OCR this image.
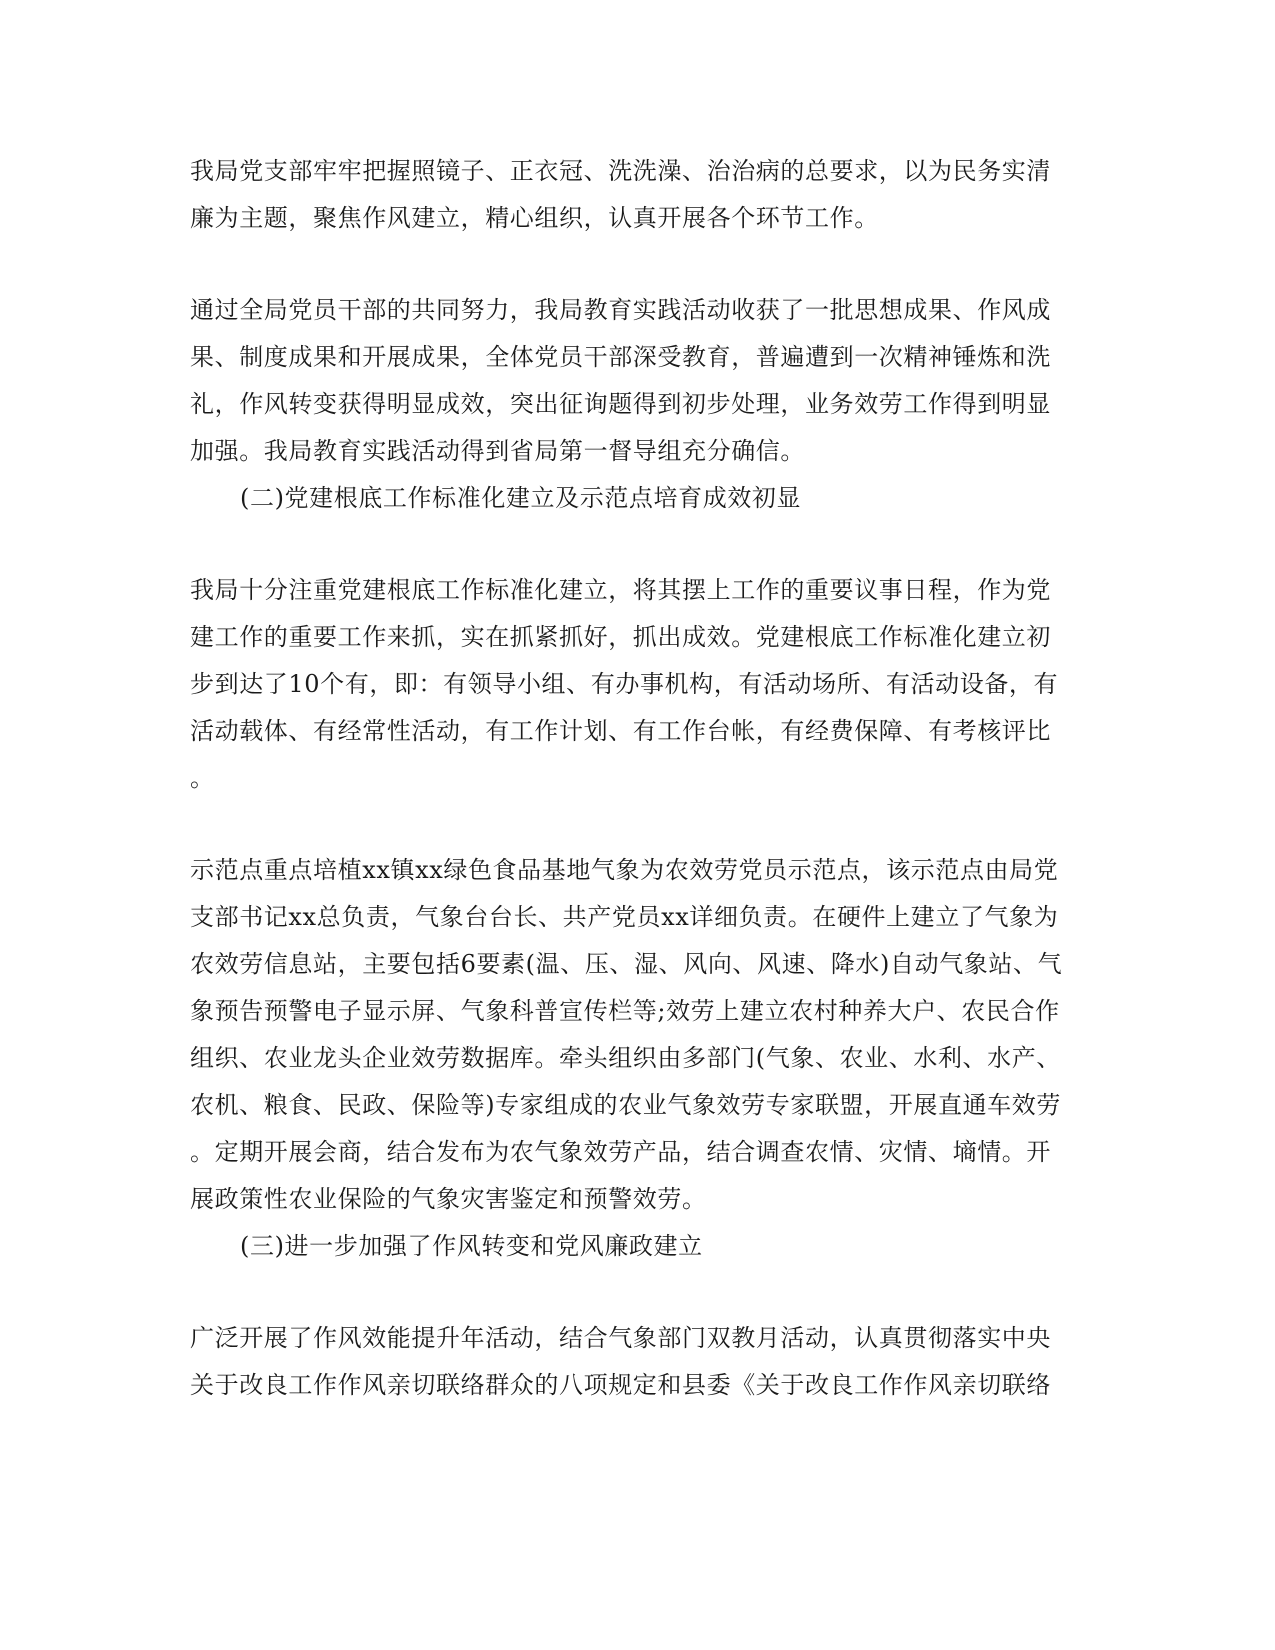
我局党支部牢牢把握照镜子、正衣冠、洗洗澡、治治病的总要求，以为民务实清
廉为主题，聚焦作风建立，精心组织，认真开展各个环节工作。
通过全局党员干部的共同努力，我局教育实践活动收获了一批思想成果、作风成
果、制度成果和开展成果，全体党员干部深受教育，普遍遭到一次精神锤炼和洗
礼，作风转变获得明显成效，突出征询题得到初步处理，业务效劳工作得到明显
加强。我局教育实践活动得到省局第一督导组充分确信。
(二)党建根底工作标准化建立及示范点培育成效初显
我局十分注重党建根底工作标准化建立，将其摆上工作的重要议事日程，作为党
建工作的重要工作来抓，实在抓紧抓好，抓出成效。党建根底工作标准化建立初
步到达了10个有，即：有领导小组、有办事机构，有活动场所、有活动设备，有
活动载体、有经常性活动，有工作计划、有工作台帐，有经费保障、有考核评比
。
示范点重点培植xx镇xx绿色食品基地气象为农效劳党员示范点，该示范点由局党
支部书记xx总负责，气象台台长、共产党员xx详细负责。在硬件上建立了气象为
农效劳信息站，主要包括6要素(温、压、湿、风向、风速、降水)自动气象站、气
象预告预警电子显示屏、气象科普宣传栏等;效劳上建立农村种养大户、农民合作
组织、农业龙头企业效劳数据库。牵头组织由多部门(气象、农业、水利、水产、
农机、粮食、民政、保险等)专家组成的农业气象效劳专家联盟，开展直通车效劳
。定期开展会商，结合发布为农气象效劳产品，结合调查农情、灾情、墒情。开
展政策性农业保险的气象灾害鉴定和预警效劳。
(三)进一步加强了作风转变和党风廉政建立
广泛开展了作风效能提升年活动，结合气象部门双教月活动，认真贯彻落实中央
关于改良工作作风亲切联络群众的八项规定和县委《关于改良工作作风亲切联络
